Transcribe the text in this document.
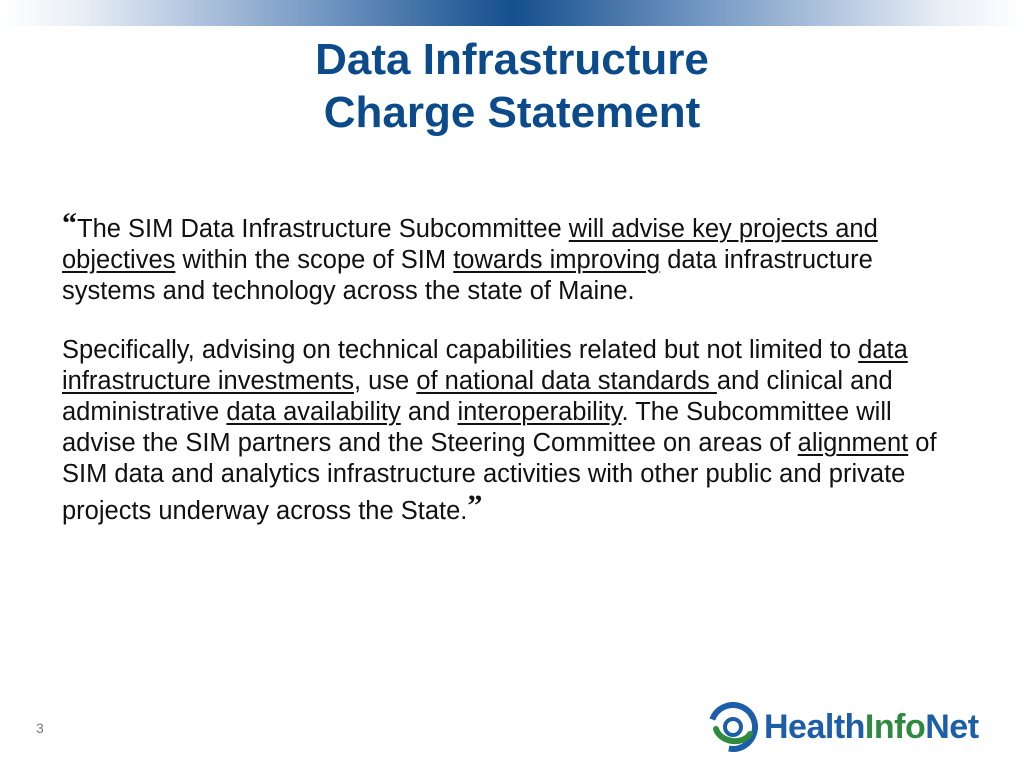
Data Infrastructure
Charge Statement

“The SIM Data Infrastructure Subcommittee will advise key projects and objectives within the scope of SIM towards improving data infrastructure systems and technology across the state of Maine.

Specifically, advising on technical capabilities related but not limited to data infrastructure investments, use of national data standards and clinical and administrative data availability and interoperability. The Subcommittee will advise the SIM partners and the Steering Committee on areas of alignment of SIM data and analytics infrastructure activities with other public and private projects underway across the State.”

3	HealthInfoNet
